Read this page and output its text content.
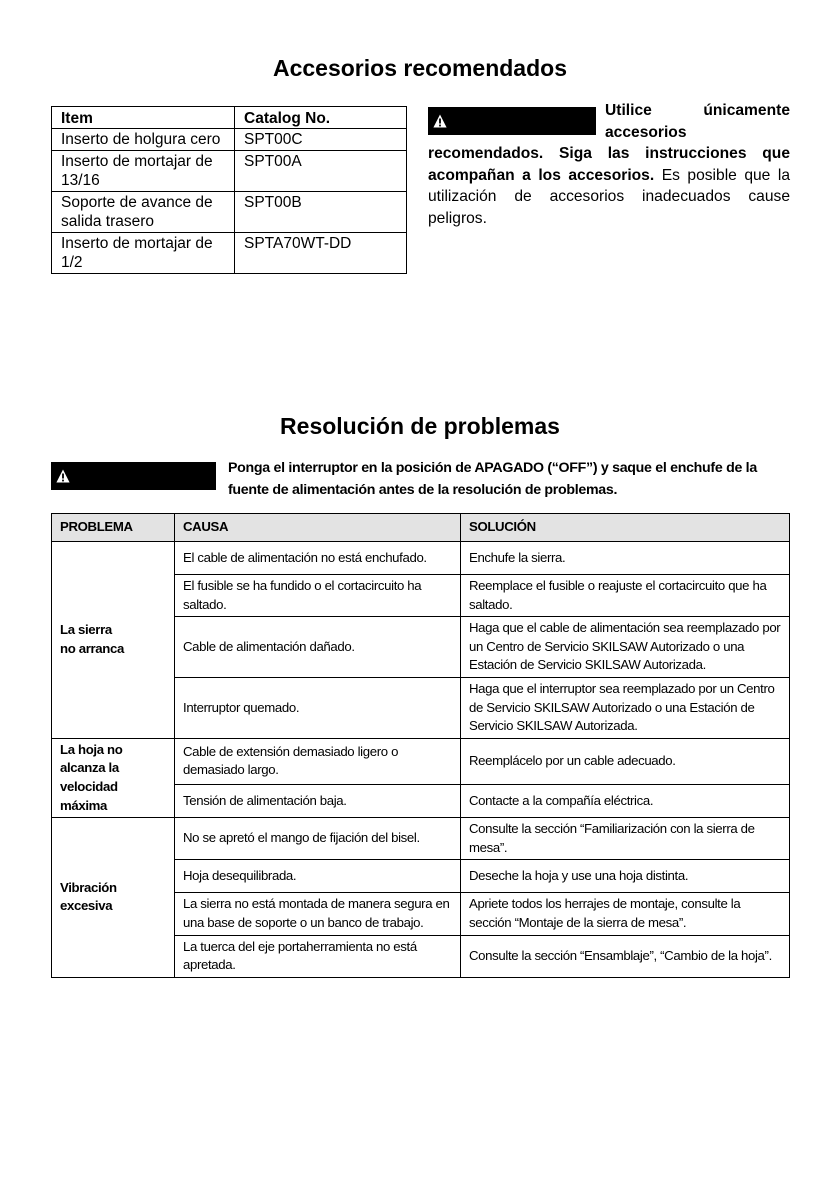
Accesorios recomendados
Item	Catalog No.
Inserto de holgura cero	SPT00C
Inserto de mortajar de 13/16	SPT00A
Soporte de avance de salida trasero	SPT00B
Inserto de mortajar de 1/2	SPTA70WT-DD
Utilice únicamente accesorios recomendados. Siga las instrucciones que acompañan a los accesorios. Es posible que la utilización de accesorios inadecuados cause peligros.
Resolución de problemas
Ponga el interruptor en la posición de APAGADO (“OFF”) y saque el enchufe de la fuente de alimentación antes de la resolución de problemas.
PROBLEMA	CAUSA	SOLUCIÓN
La sierra
no arranca	El cable de alimentación no está enchufado.	Enchufe la sierra.
	El fusible se ha fundido o el cortacircuito ha saltado.	Reemplace el fusible o reajuste el cortacircuito que ha saltado.
	Cable de alimentación dañado.	Haga que el cable de alimentación sea reemplazado por un Centro de Servicio SKILSAW Autorizado o una Estación de Servicio SKILSAW Autorizada.
	Interruptor quemado.	Haga que el interruptor sea reemplazado por un Centro de Servicio SKILSAW Autorizado o una Estación de Servicio SKILSAW Autorizada.
La hoja no alcanza la velocidad máxima	Cable de extensión demasiado ligero o demasiado largo.	Reemplácelo por un cable adecuado.
	Tensión de alimentación baja.	Contacte a la compañía eléctrica.
Vibración excesiva	No se apretó el mango de fijación del bisel.	Consulte la sección “Familiarización con la sierra de mesa”.
	Hoja desequilibrada.	Deseche la hoja y use una hoja distinta.
	La sierra no está montada de manera segura en una base de soporte o un banco de trabajo.	Apriete todos los herrajes de montaje, consulte la sección “Montaje de la sierra de mesa”.
	La tuerca del eje portaherramienta no está apretada.	Consulte la sección “Ensamblaje”, “Cambio de la hoja”.
